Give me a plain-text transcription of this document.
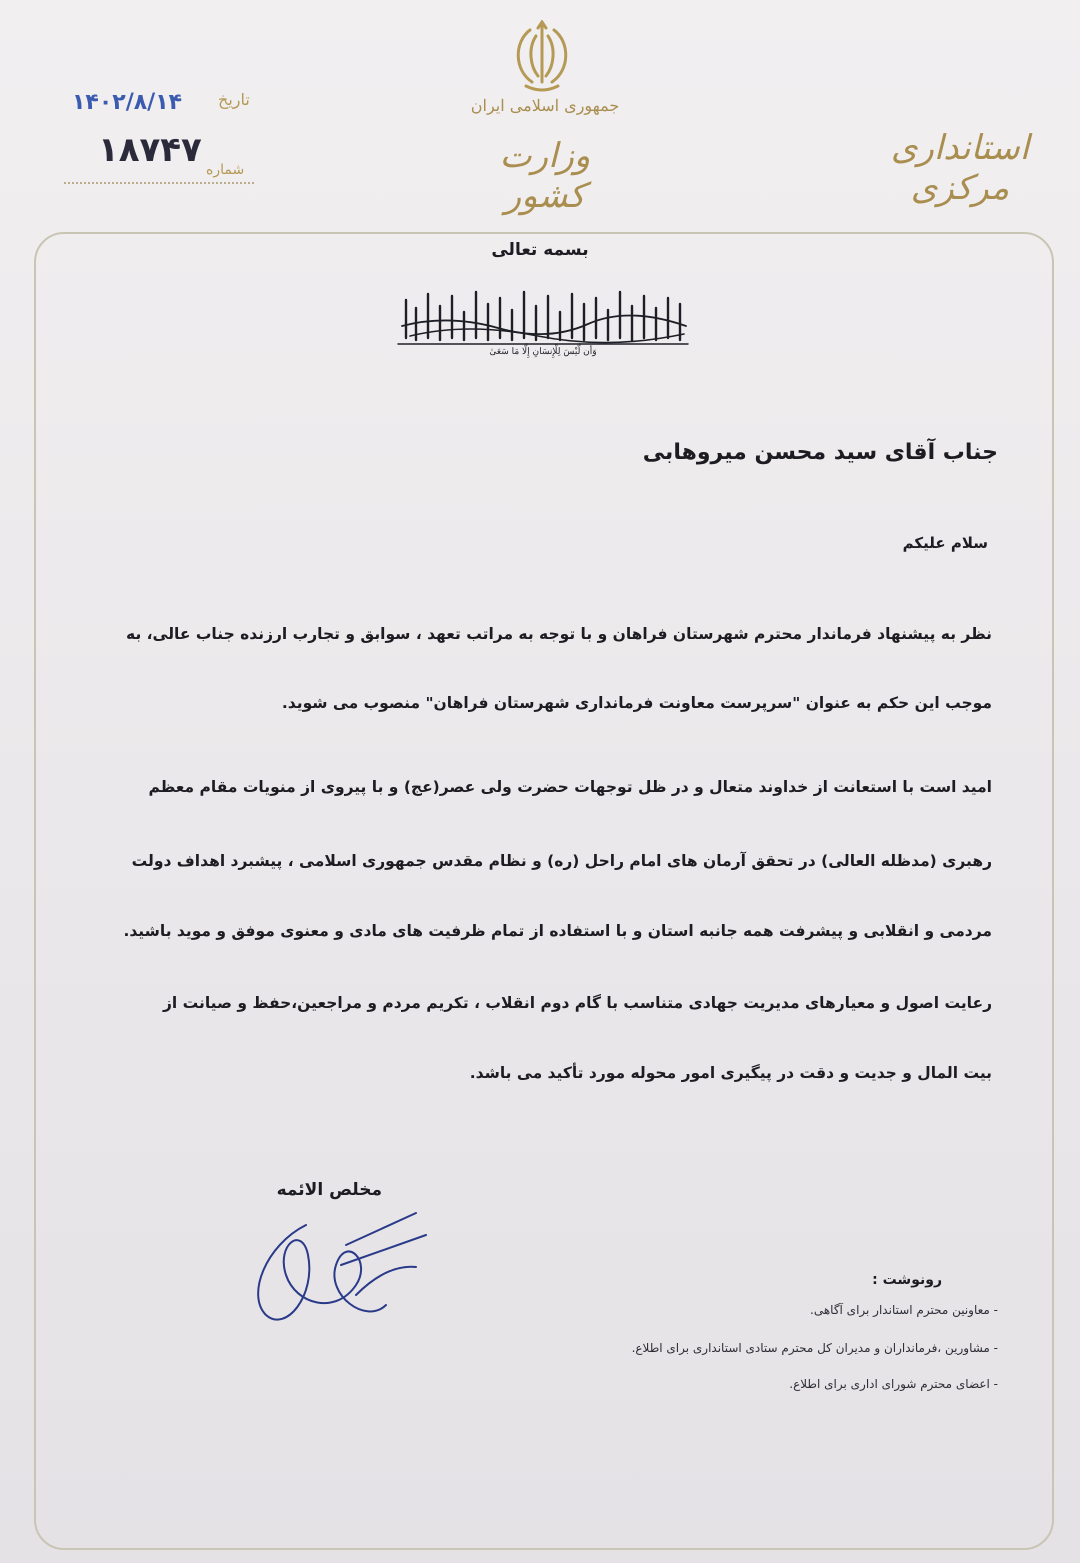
جمهوری اسلامی ایران
وزارت کشور
استانداری مرکزی
تاریخ
۱۴۰۲/۸/۱۴
۱۸۷۴۷ شماره
بسمه تعالی
وَأَن لَّيْسَ لِلْإِنسَانِ إِلَّا مَا سَعَىٰ
جناب آقای سید محسن میروهابی
سلام علیکم
نظر به پیشنهاد فرماندار محترم شهرستان فراهان و با توجه به مراتب تعهد ، سوابق و تجارب ارزنده جناب عالی، به
موجب این حکم به عنوان "سرپرست معاونت فرمانداری شهرستان فراهان" منصوب می شوید.
امید است با استعانت از خداوند متعال و در ظل توجهات حضرت ولی عصر(عج) و با پیروی از منویات مقام معظم
رهبری (مدظله العالی) در تحقق آرمان های امام راحل (ره) و نظام مقدس جمهوری اسلامی ، پیشبرد اهداف دولت
مردمی و انقلابی و پیشرفت همه جانبه استان و با استفاده از تمام ظرفیت های مادی و معنوی موفق و موید باشید.
رعایت اصول و معیارهای مدیریت جهادی متناسب با گام دوم انقلاب ، تکریم مردم و مراجعین،حفظ و صیانت از
بیت المال و جدیت و دقت در پیگیری امور محوله مورد تأکید می باشد.
مخلص الائمه
رونوشت :
- معاونین محترم استاندار برای آگاهی.
- مشاورین ،فرمانداران و مدیران کل محترم ستادی استانداری برای اطلاع.
- اعضای محترم شورای اداری برای اطلاع.
